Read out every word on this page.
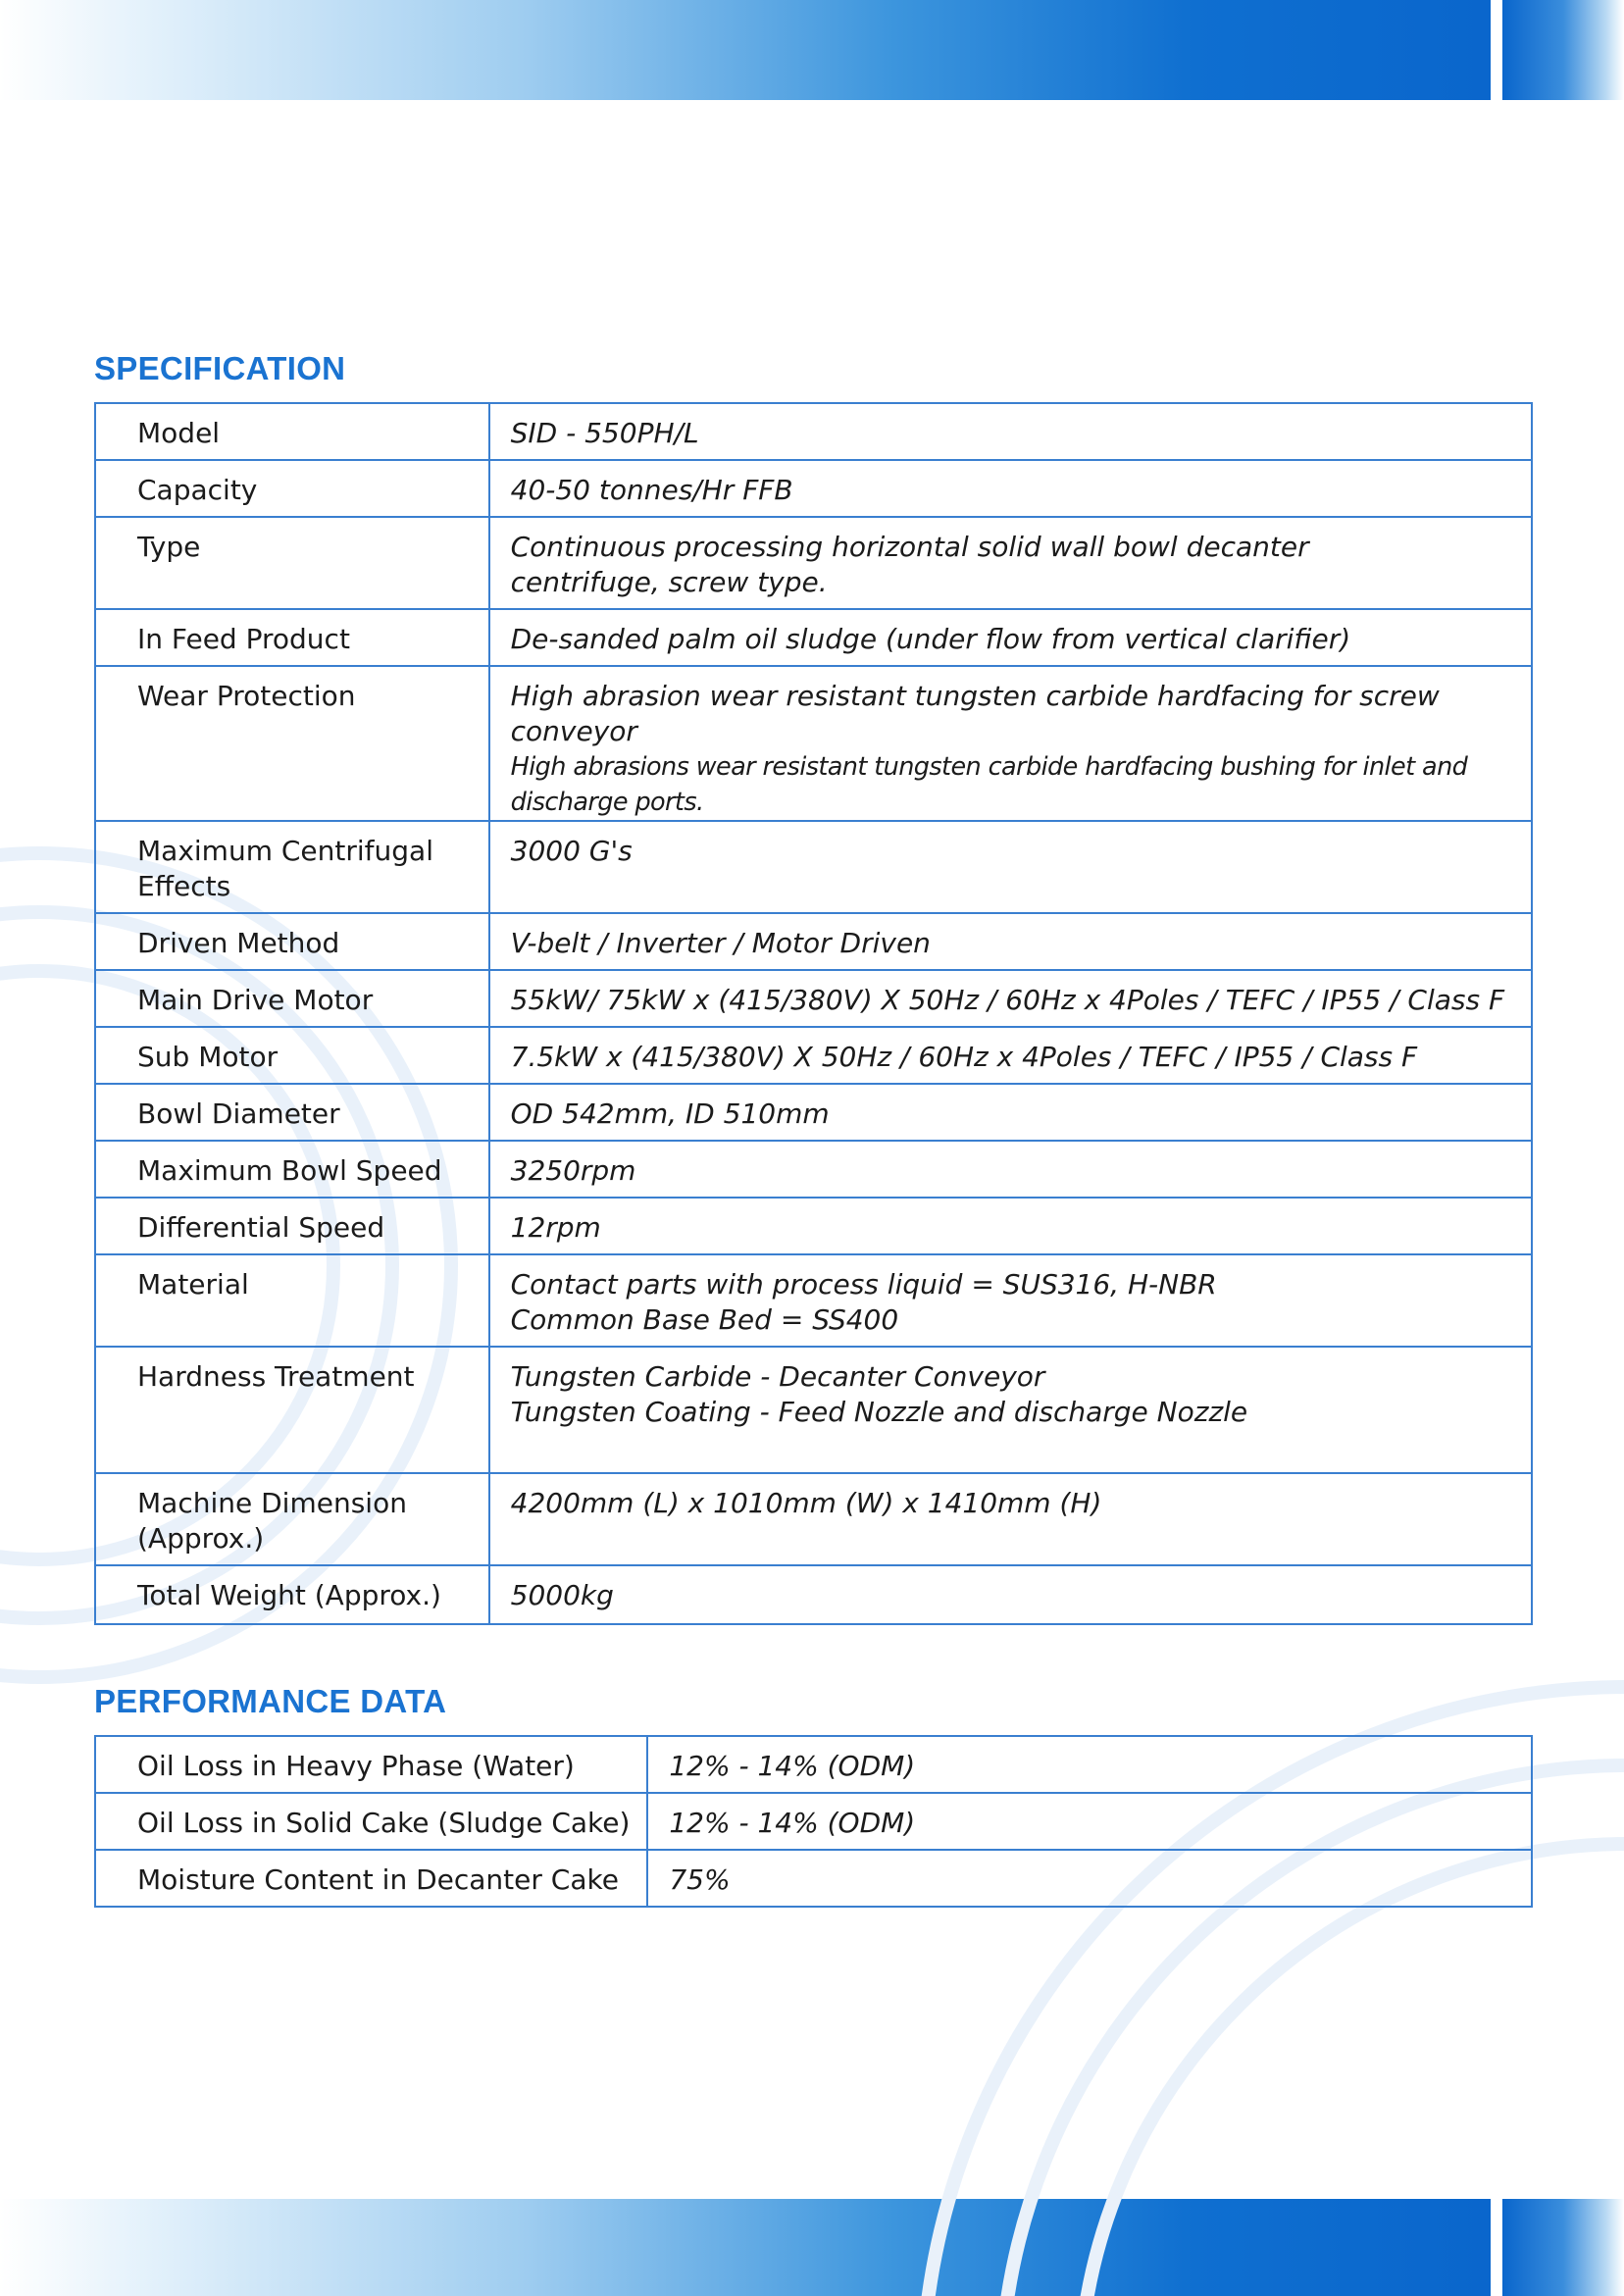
SPECIFICATION
Model	SID - 550PH/L

Capacity	40-50 tonnes/Hr FFB

Type	Continuous processing horizontal solid wall bowl decanter
centrifuge, screw type.

In Feed Product	De-sanded palm oil sludge (under flow from vertical clarifier)

Wear Protection	High abrasion wear resistant tungsten carbide hardfacing for screw conveyor
High abrasions wear resistant tungsten carbide hardfacing bushing for inlet and discharge ports.

Maximum Centrifugal Effects	3000 G's

Driven Method	V-belt / Inverter / Motor Driven

Main Drive Motor	55kW/ 75kW x (415/380V) X 50Hz / 60Hz x 4Poles / TEFC / IP55 / Class F

Sub Motor	7.5kW x (415/380V) X 50Hz / 60Hz x 4Poles / TEFC / IP55 / Class F

Bowl Diameter	OD 542mm, ID 510mm

Maximum Bowl Speed	3250rpm

Differential Speed	12rpm

Material	Contact parts with process liquid = SUS316, H-NBR
Common Base Bed = SS400

Hardness Treatment	Tungsten Carbide - Decanter Conveyor
Tungsten Coating - Feed Nozzle and discharge Nozzle

Machine Dimension (Approx.)	4200mm (L) x 1010mm (W) x 1410mm (H)

Total Weight (Approx.)	5000kg
PERFORMANCE DATA
Oil Loss in Heavy Phase (Water)	12% - 14% (ODM)

Oil Loss in Solid Cake (Sludge Cake)	12% - 14% (ODM)

Moisture Content in Decanter Cake	75%
